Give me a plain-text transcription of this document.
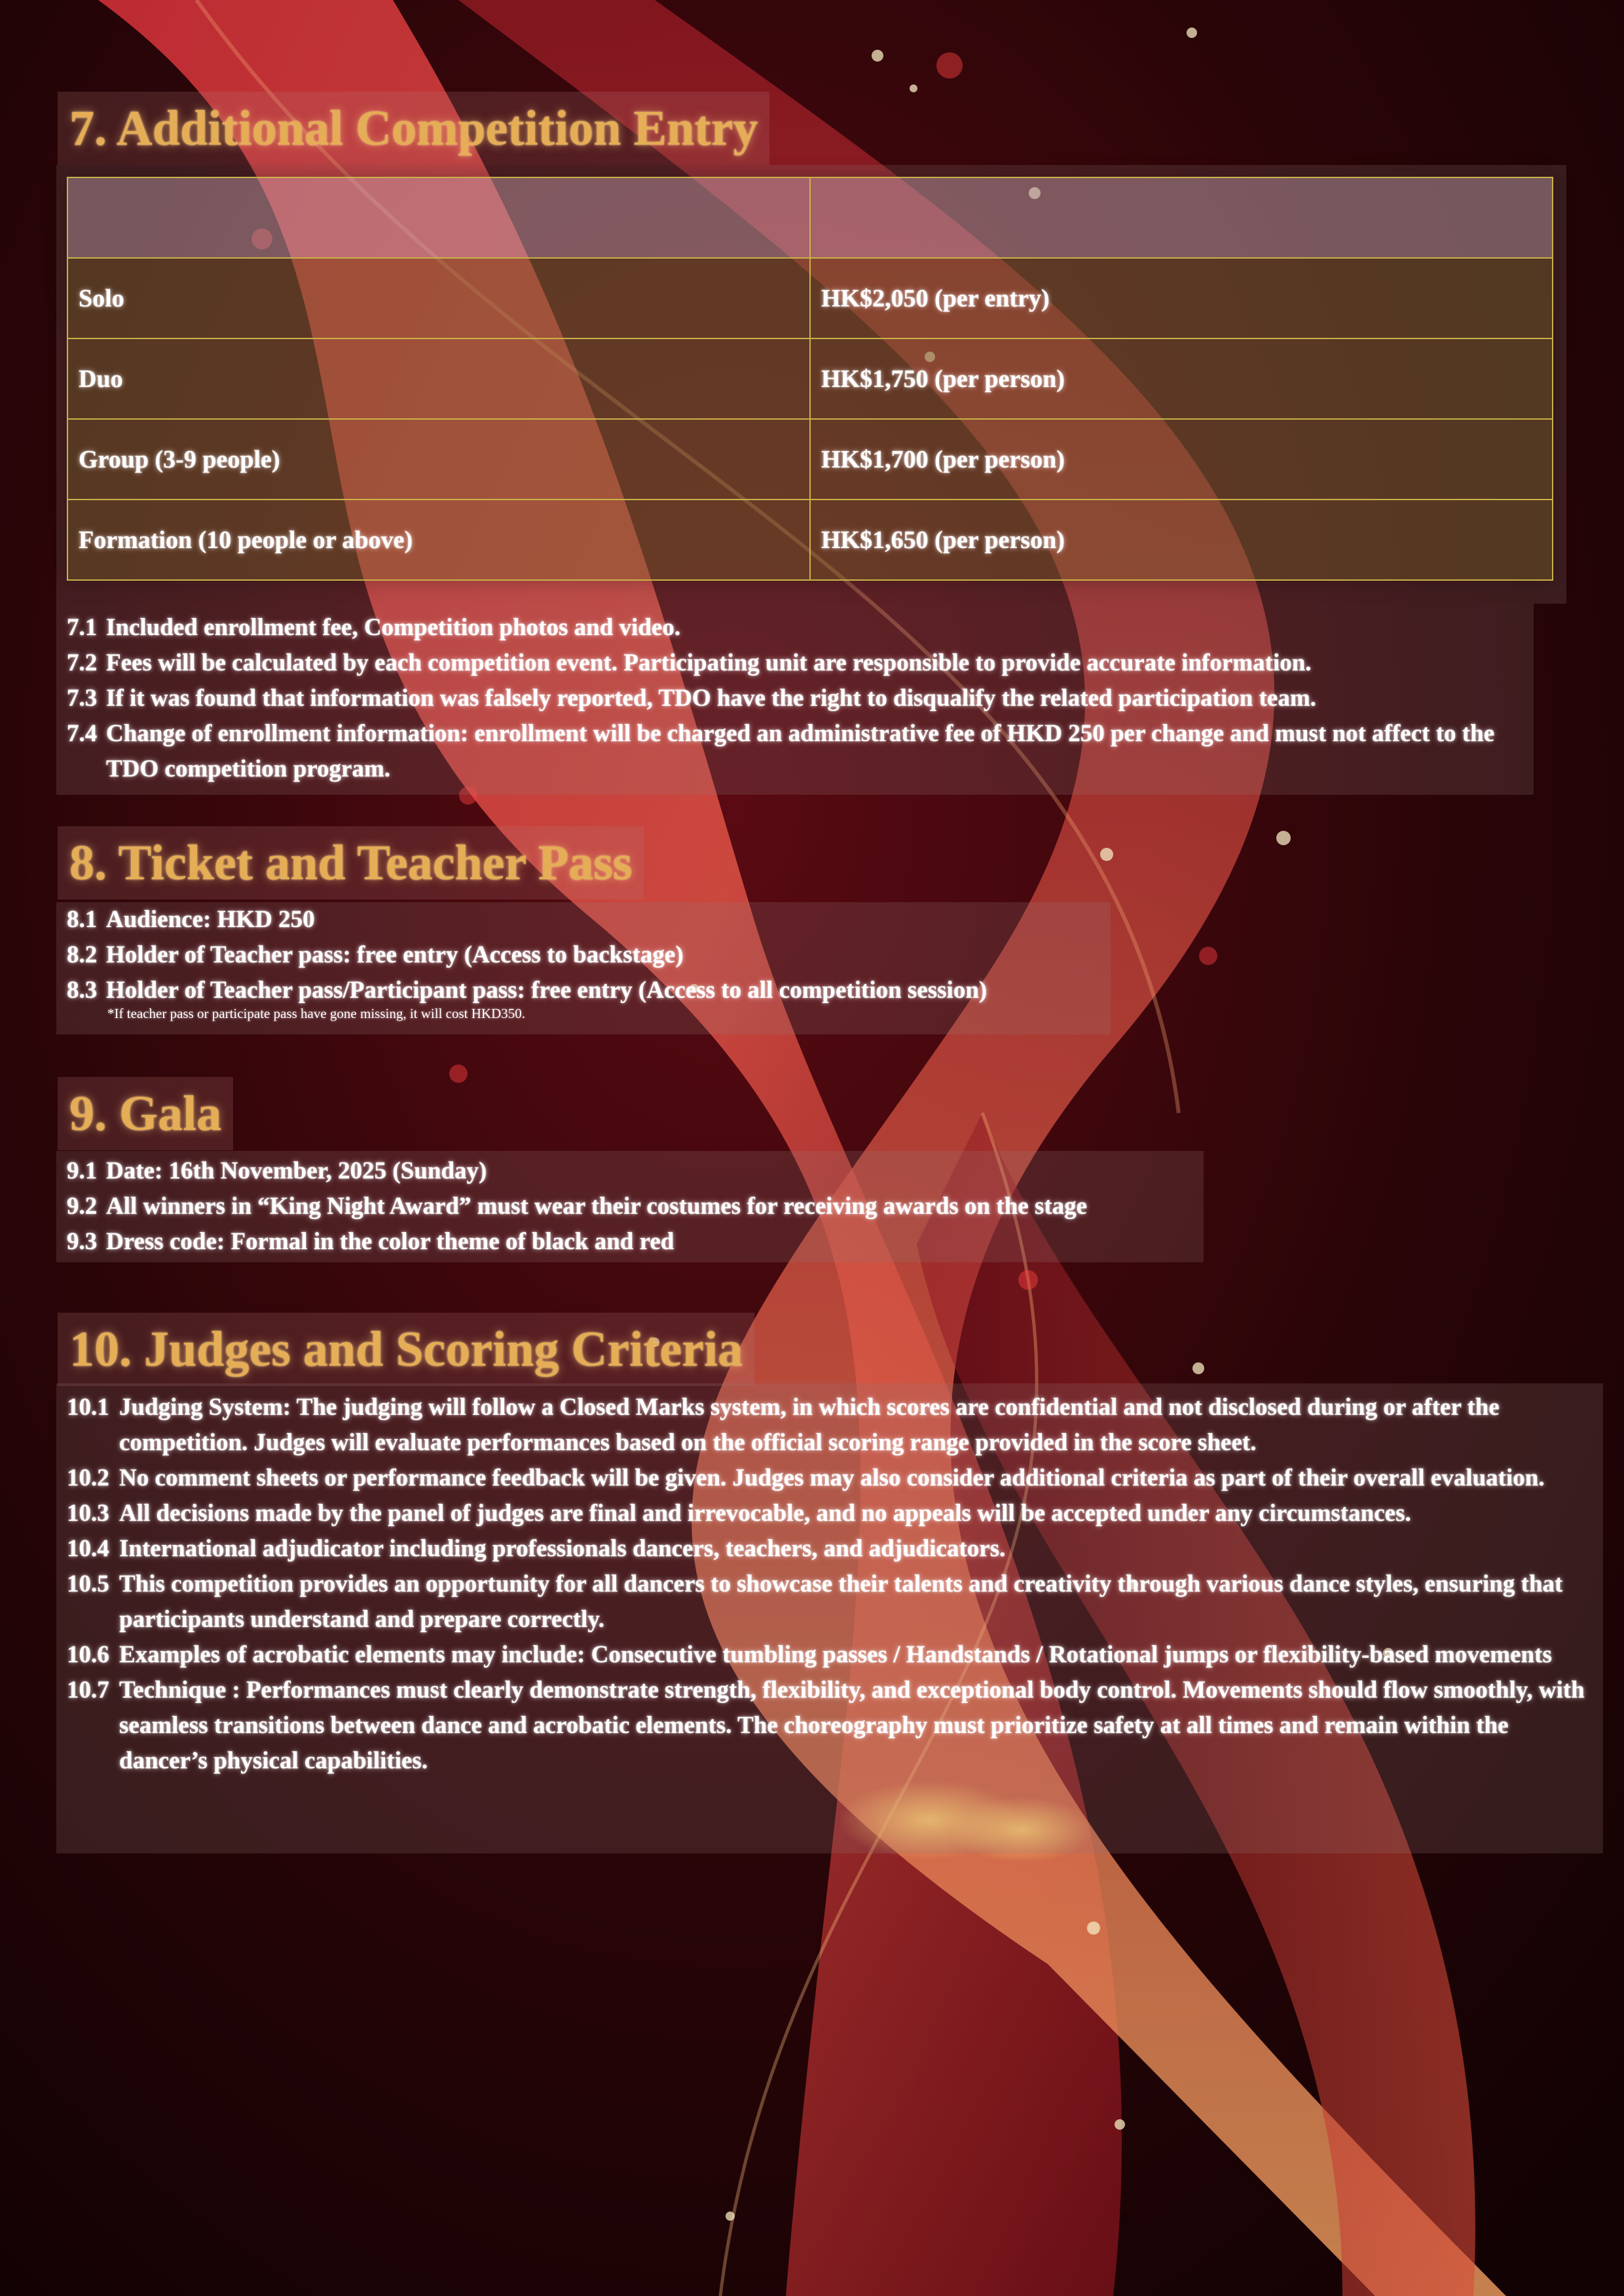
7. Additional Competition Entry

Solo	HK$2,050 (per entry)
Duo	HK$1,750 (per person)
Group (3-9 people)	HK$1,700 (per person)
Formation (10 people or above)	HK$1,650 (per person)
7.1 Included enrollment fee, Competition photos and video.
7.2 Fees will be calculated by each competition event. Participating unit are responsible to provide accurate information.
7.3 If it was found that information was falsely reported, TDO have the right to disqualify the related participation team.
7.4 Change of enrollment information: enrollment will be charged an administrative fee of HKD 250 per change and must not affect to the TDO competition program.
8. Ticket and Teacher Pass
8.1 Audience: HKD 250
8.2 Holder of Teacher pass: free entry (Access to backstage)
8.3 Holder of Teacher pass/Participant pass: free entry (Access to all competition session)
*If teacher pass or participate pass have gone missing, it will cost HKD350.
9. Gala
9.1 Date: 16th November, 2025 (Sunday)
9.2 All winners in “King Night Award” must wear their costumes for receiving awards on the stage
9.3 Dress code: Formal in the color theme of black and red
10. Judges and Scoring Criteria
10.1 Judging System: The judging will follow a Closed Marks system, in which scores are confidential and not disclosed during or after the competition. Judges will evaluate performances based on the official scoring range provided in the score sheet.
10.2 No comment sheets or performance feedback will be given. Judges may also consider additional criteria as part of their overall evaluation.
10.3 All decisions made by the panel of judges are final and irrevocable, and no appeals will be accepted under any circumstances.
10.4 International adjudicator including professionals dancers, teachers, and adjudicators.
10.5 This competition provides an opportunity for all dancers to showcase their talents and creativity through various dance styles, ensuring that participants understand and prepare correctly.
10.6 Examples of acrobatic elements may include: Consecutive tumbling passes / Handstands / Rotational jumps or flexibility-based movements
10.7 Technique : Performances must clearly demonstrate strength, flexibility, and exceptional body control. Movements should flow smoothly, with seamless transitions between dance and acrobatic elements. The choreography must prioritize safety at all times and remain within the dancer’s physical capabilities.
